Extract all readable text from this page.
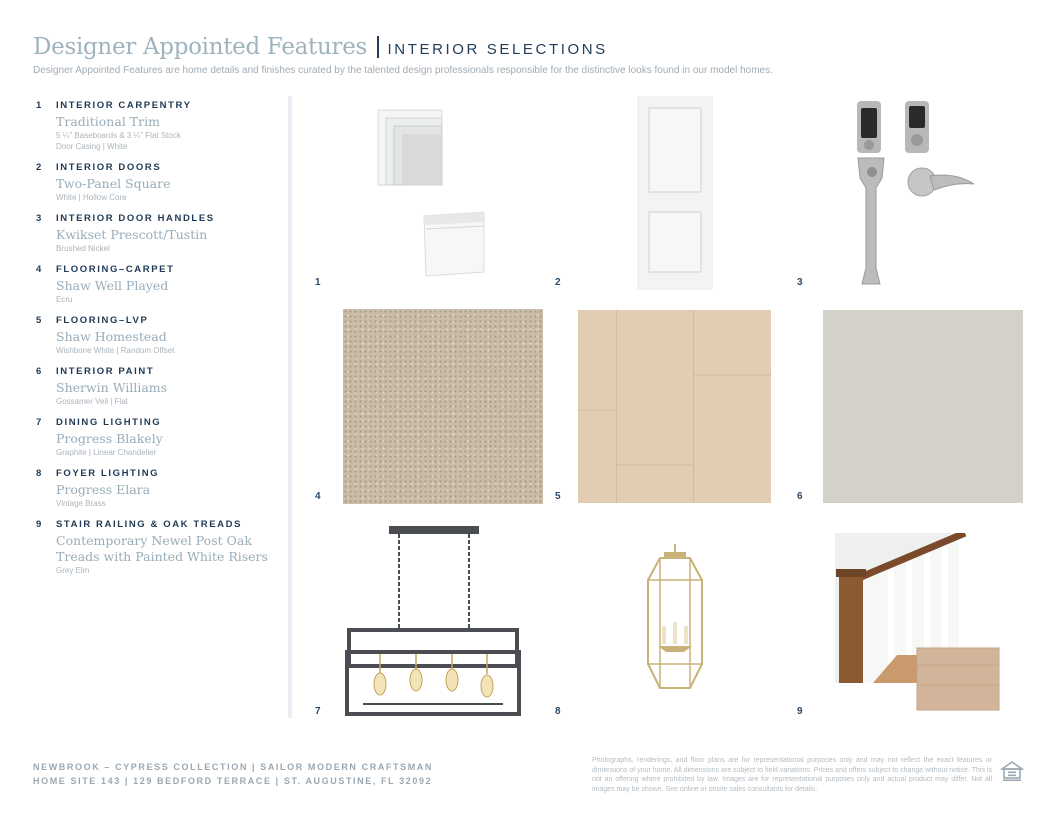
Designer Appointed Features INTERIOR SELECTIONS
Designer Appointed Features are home details and finishes curated by the talented design professionals responsible for the distinctive looks found in our model homes.
1	INTERIOR CARPENTRY
Traditional Trim
5 ¼" Baseboards & 3 ¼" Flat Stock
Door Casing | White
2	INTERIOR DOORS
Two-Panel Square
White | Hollow Core
3	INTERIOR DOOR HANDLES
Kwikset Prescott/Tustin
Brushed Nickel
4	FLOORING–CARPET
Shaw Well Played
Ecru
5	FLOORING–LVP
Shaw Homestead
Wishbone White | Random Offset
6	INTERIOR PAINT
Sherwin Williams
Gossamer Veil | Flat
7	DINING LIGHTING
Progress Blakely
Graphite | Linear Chandelier
8	FOYER LIGHTING
Progress Elara
Vintage Brass
9	STAIR RAILING & OAK TREADS
Contemporary Newel Post Oak Treads with Painted White Risers
Grey Elm
1	2	3
4	5	6
7	8	9
NEWBROOK – CYPRESS COLLECTION | SAILOR MODERN CRAFTSMAN
HOME SITE 143 | 129 BEDFORD TERRACE | ST. AUGUSTINE, FL 32092
Photographs, renderings, and floor plans are for representational purposes only and may not reflect the exact features or dimensions of your home. All dimensions are subject to field variations. Prices and offers subject to change without notice. This is not an offering where prohibited by law. Images are for representational purposes only and actual product may differ. Not all images may be shown. See online or onsite sales consultants for details.
